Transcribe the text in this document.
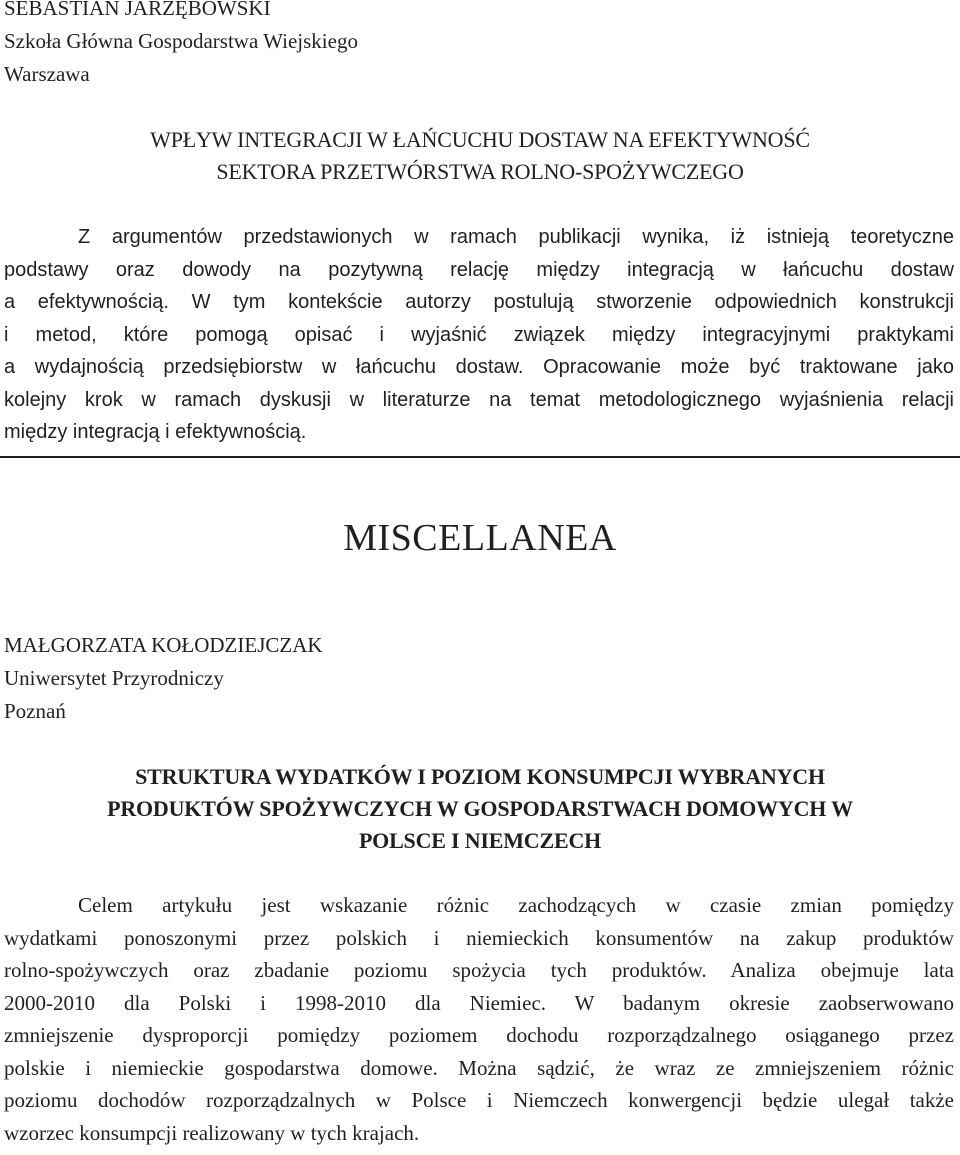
SEBASTIAN JARZĘBOWSKI
Szkoła Główna Gospodarstwa Wiejskiego
Warszawa
WPŁYW INTEGRACJI W ŁAŃCUCHU DOSTAW NA EFEKTYWNOŚĆ
SEKTORA PRZETWÓRSTWA ROLNO-SPOŻYWCZEGO
Z argumentów przedstawionych w ramach publikacji wynika, iż istnieją teoretyczne
podstawy oraz dowody na pozytywną relację między integracją w łańcuchu dostaw
a efektywnością. W tym kontekście autorzy postulują stworzenie odpowiednich konstrukcji
i metod, które pomogą opisać i wyjaśnić związek między integracyjnymi praktykami
a wydajnością przedsiębiorstw w łańcuchu dostaw. Opracowanie może być traktowane jako
kolejny krok w ramach dyskusji w literaturze na temat metodologicznego wyjaśnienia relacji
między integracją i efektywnością.
MISCELLANEA
MAŁGORZATA KOŁODZIEJCZAK
Uniwersytet Przyrodniczy
Poznań
STRUKTURA WYDATKÓW I POZIOM KONSUMPCJI WYBRANYCH
PRODUKTÓW SPOŻYWCZYCH W GOSPODARSTWACH DOMOWYCH W
POLSCE I NIEMCZECH
Celem artykułu jest wskazanie różnic zachodzących w czasie zmian pomiędzy
wydatkami ponoszonymi przez polskich i niemieckich konsumentów na zakup produktów
rolno-spożywczych oraz zbadanie poziomu spożycia tych produktów. Analiza obejmuje lata
2000-2010 dla Polski i 1998-2010 dla Niemiec. W badanym okresie zaobserwowano
zmniejszenie dysproporcji pomiędzy poziomem dochodu rozporządzalnego osiąganego przez
polskie i niemieckie gospodarstwa domowe. Można sądzić, że wraz ze zmniejszeniem różnic
poziomu dochodów rozporządzalnych w Polsce i Niemczech konwergencji będzie ulegał także
wzorzec konsumpcji realizowany w tych krajach.
